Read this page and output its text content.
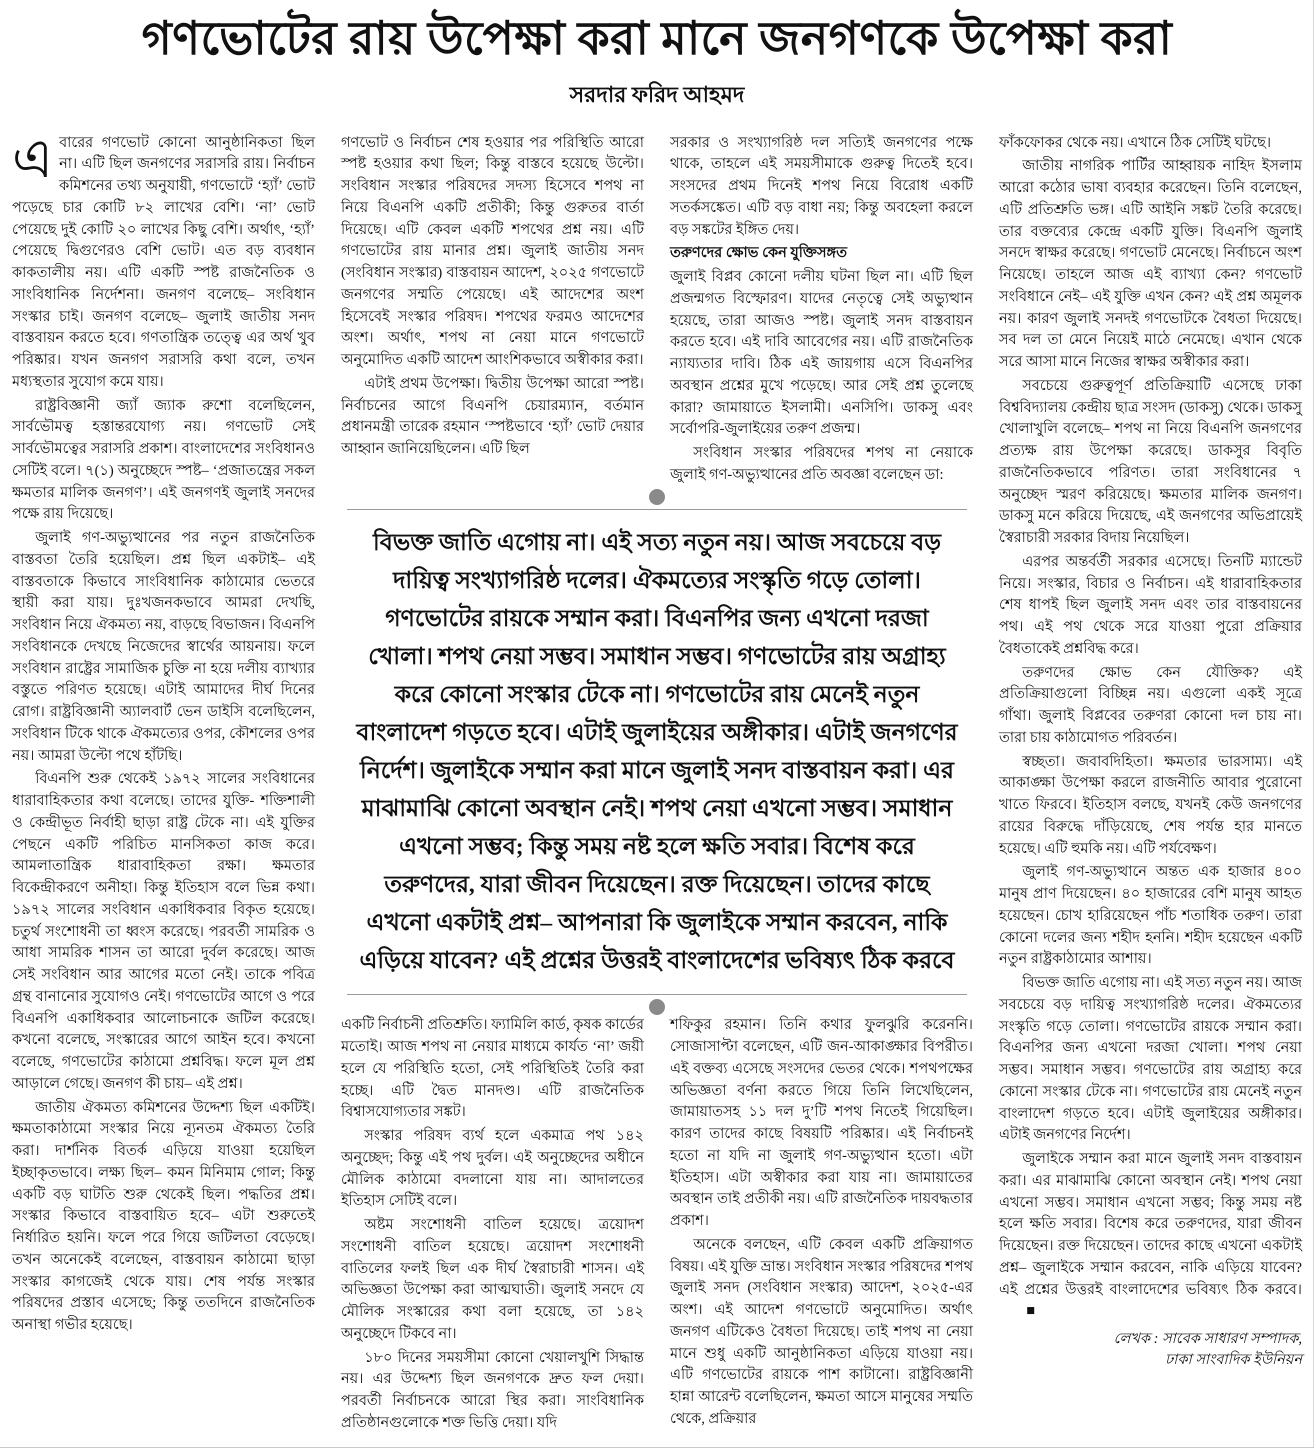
গণভোটের রায় উপেক্ষা করা মানে জনগণকে উপেক্ষা করা
সরদার ফরিদ আহমদ

এবারের গণভোট কোনো আনুষ্ঠানিকতা ছিল না। এটি ছিল জনগণের সরাসরি রায়। নির্বাচন কমিশনের তথ্য অনুযায়ী, গণভোটে ‘হ্যাঁ’ ভোট পড়েছে চার কোটি ৮২ লাখের বেশি। ‘না’ ভোট পেয়েছে দুই কোটি ২০ লাখের কিছু বেশি। অর্থাৎ, ‘হ্যাঁ’ পেয়েছে দ্বিগুণেরও বেশি ভোট। এত বড় ব্যবধান কাকতালীয় নয়। এটি একটি স্পষ্ট রাজনৈতিক ও সাংবিধানিক নির্দেশনা। জনগণ বলেছে– সংবিধান সংস্কার চাই। জনগণ বলেছে– জুলাই জাতীয় সনদ বাস্তবায়ন করতে হবে। গণতান্ত্রিক তত্ত্বে এর অর্থ খুব পরিষ্কার। যখন জনগণ সরাসরি কথা বলে, তখন মধ্যস্থতার সুযোগ কমে যায়।

রাষ্ট্রবিজ্ঞানী জ্যাঁ জ্যাক রুশো বলেছিলেন, সার্বভৌমত্ব হস্তান্তরযোগ্য নয়। গণভোট সেই সার্বভৌমত্বের সরাসরি প্রকাশ। বাংলাদেশের সংবিধানও সেটিই বলে। ৭(১) অনুচ্ছেদে স্পষ্ট– ‘প্রজাতন্ত্রের সকল ক্ষমতার মালিক জনগণ’। এই জনগণই জুলাই সনদের পক্ষে রায় দিয়েছে।

জুলাই গণ-অভ্যুত্থানের পর নতুন রাজনৈতিক বাস্তবতা তৈরি হয়েছিল। প্রশ্ন ছিল একটাই– এই বাস্তবতাকে কিভাবে সাংবিধানিক কাঠামোর ভেতরে স্থায়ী করা যায়। দুঃখজনকভাবে আমরা দেখছি, সংবিধান নিয়ে ঐকমত্য নয়, বাড়ছে বিভাজন। বিএনপি সংবিধানকে দেখছে নিজেদের স্বার্থের আয়নায়। ফলে সংবিধান রাষ্ট্রের সামাজিক চুক্তি না হয়ে দলীয় ব্যাখ্যার বস্তুতে পরিণত হয়েছে। এটাই আমাদের দীর্ঘ দিনের রোগ। রাষ্ট্রবিজ্ঞানী অ্যালবার্ট ভেন ডাইসি বলেছিলেন, সংবিধান টিকে থাকে ঐকমত্যের ওপর, কৌশলের ওপর নয়। আমরা উল্টো পথে হাঁটছি।

বিএনপি শুরু থেকেই ১৯৭২ সালের সংবিধানের ধারাবাহিকতার কথা বলেছে। তাদের যুক্তি- শক্তিশালী ও কেন্দ্রীভূত নির্বাহী ছাড়া রাষ্ট্র টেকে না। এই যুক্তির পেছনে একটি পরিচিত মানসিকতা কাজ করে। আমলাতান্ত্রিক ধারাবাহিকতা রক্ষা। ক্ষমতার বিকেন্দ্রীকরণে অনীহা। কিন্তু ইতিহাস বলে ভিন্ন কথা। ১৯৭২ সালের সংবিধান একাধিকবার বিকৃত হয়েছে। চতুর্থ সংশোধনী তা ধ্বংস করেছে। পরবর্তী সামরিক ও আধা সামরিক শাসন তা আরো দুর্বল করেছে। আজ সেই সংবিধান আর আগের মতো নেই। তাকে পবিত্র গ্রন্থ বানানোর সুযোগও নেই। গণভোটের আগে ও পরে বিএনপি একাধিকবার আলোচনাকে জটিল করেছে। কখনো বলেছে, সংস্কারের আগে আইন হবে। কখনো বলেছে, গণভোটের কাঠামো প্রশ্নবিদ্ধ। ফলে মূল প্রশ্ন আড়ালে গেছে। জনগণ কী চায়– এই প্রশ্ন।

জাতীয় ঐকমত্য কমিশনের উদ্দেশ্য ছিল একটিই। ক্ষমতাকাঠামো সংস্কার নিয়ে ন্যূনতম ঐকমত্য তৈরি করা। দার্শনিক বিতর্ক এড়িয়ে যাওয়া হয়েছিল ইচ্ছাকৃতভাবে। লক্ষ্য ছিল– কমন মিনিমাম গোল; কিন্তু একটি বড় ঘাটতি শুরু থেকেই ছিল। পদ্ধতির প্রশ্ন। সংস্কার কিভাবে বাস্তবায়িত হবে– এটা শুরুতেই নির্ধারিত হয়নি। ফলে পরে গিয়ে জটিলতা বেড়েছে। তখন অনেকেই বলেছেন, বাস্তবায়ন কাঠামো ছাড়া সংস্কার কাগজেই থেকে যায়। শেষ পর্যন্ত সংস্কার পরিষদের প্রস্তাব এসেছে; কিন্তু ততদিনে রাজনৈতিক অনাস্থা গভীর হয়েছে।

গণভোট ও নির্বাচন শেষ হওয়ার পর পরিস্থিতি আরো স্পষ্ট হওয়ার কথা ছিল; কিন্তু বাস্তবে হয়েছে উল্টো। সংবিধান সংস্কার পরিষদের সদস্য হিসেবে শপথ না নিয়ে বিএনপি একটি প্রতীকী; কিন্তু গুরুতর বার্তা দিয়েছে। এটি কেবল একটি শপথের প্রশ্ন নয়। এটি গণভোটের রায় মানার প্রশ্ন। জুলাই জাতীয় সনদ (সংবিধান সংস্কার) বাস্তবায়ন আদেশ, ২০২৫ গণভোটে জনগণের সম্মতি পেয়েছে। এই আদেশের অংশ হিসেবেই সংস্কার পরিষদ। শপথের ফরমও আদেশের অংশ। অর্থাৎ, শপথ না নেয়া মানে গণভোটে অনুমোদিত একটি আদেশ আংশিকভাবে অস্বীকার করা।

এটাই প্রথম উপেক্ষা। দ্বিতীয় উপেক্ষা আরো স্পষ্ট। নির্বাচনের আগে বিএনপি চেয়ারম্যান, বর্তমান প্রধানমন্ত্রী তারেক রহমান ‘স্পষ্টভাবে ‘হ্যাঁ’ ভোট দেয়ার আহ্বান জানিয়েছিলেন। এটি ছিল

সরকার ও সংখ্যাগরিষ্ঠ দল সত্যিই জনগণের পক্ষে থাকে, তাহলে এই সময়সীমাকে গুরুত্ব দিতেই হবে। সংসদের প্রথম দিনেই শপথ নিয়ে বিরোধ একটি সতর্কসঙ্কেত। এটি বড় বাধা নয়; কিন্তু অবহেলা করলে বড় সঙ্কটের ইঙ্গিত দেয়।

তরুণদের ক্ষোভ কেন যুক্তিসঙ্গত

জুলাই বিপ্লব কোনো দলীয় ঘটনা ছিল না। এটি ছিল প্রজন্মগত বিস্ফোরণ। যাদের নেতৃত্বে সেই অভ্যুত্থান হয়েছে, তারা আজও স্পষ্ট। জুলাই সনদ বাস্তবায়ন করতে হবে। এই দাবি আবেগের নয়। এটি রাজনৈতিক ন্যায্যতার দাবি। ঠিক এই জায়গায় এসে বিএনপির অবস্থান প্রশ্নের মুখে পড়েছে। আর সেই প্রশ্ন তুলেছে কারা? জামায়াতে ইসলামী। এনসিপি। ডাকসু এবং সর্বোপরি-জুলাইয়ের তরুণ প্রজন্ম।

সংবিধান সংস্কার পরিষদের শপথ না নেয়াকে জুলাই গণ-অভ্যুত্থানের প্রতি অবজ্ঞা বলেছেন ডা:

বিভক্ত জাতি এগোয় না। এই সত্য নতুন নয়। আজ সবচেয়ে বড় দায়িত্ব সংখ্যাগরিষ্ঠ দলের। ঐকমত্যের সংস্কৃতি গড়ে তোলা। গণভোটের রায়কে সম্মান করা। বিএনপির জন্য এখনো দরজা খোলা। শপথ নেয়া সম্ভব। সমাধান সম্ভব। গণভোটের রায় অগ্রাহ্য করে কোনো সংস্কার টেকে না। গণভোটের রায় মেনেই নতুন বাংলাদেশ গড়তে হবে। এটাই জুলাইয়ের অঙ্গীকার। এটাই জনগণের নির্দেশ। জুলাইকে সম্মান করা মানে জুলাই সনদ বাস্তবায়ন করা। এর মাঝামাঝি কোনো অবস্থান নেই। শপথ নেয়া এখনো সম্ভব। সমাধান এখনো সম্ভব; কিন্তু সময় নষ্ট হলে ক্ষতি সবার। বিশেষ করে তরুণদের, যারা জীবন দিয়েছেন। রক্ত দিয়েছেন। তাদের কাছে এখনো একটাই প্রশ্ন– আপনারা কি জুলাইকে সম্মান করবেন, নাকি এড়িয়ে যাবেন? এই প্রশ্নের উত্তরই বাংলাদেশের ভবিষ্যৎ ঠিক করবে

একটি নির্বাচনী প্রতিশ্রুতি। ফ্যামিলি কার্ড, কৃষক কার্ডের মতোই। আজ শপথ না নেয়ার মাধ্যমে কার্যত ‘না’ জয়ী হলে যে পরিস্থিতি হতো, সেই পরিস্থিতিই তৈরি করা হচ্ছে। এটি দ্বৈত মানদণ্ড। এটি রাজনৈতিক বিশ্বাসযোগ্যতার সঙ্কট।

সংস্কার পরিষদ ব্যর্থ হলে একমাত্র পথ ১৪২ অনুচ্ছেদ; কিন্তু এই পথ দুর্বল। এই অনুচ্ছেদের অধীনে মৌলিক কাঠামো বদলানো যায় না। আদালতের ইতিহাস সেটিই বলে।

অষ্টম সংশোধনী বাতিল হয়েছে। ত্রয়োদশ সংশোধনী বাতিল হয়েছে। ত্রয়োদশ সংশোধনী বাতিলের ফলই ছিল এক দীর্ঘ স্বৈরাচারী শাসন। এই অভিজ্ঞতা উপেক্ষা করা আত্মঘাতী। জুলাই সনদে যে মৌলিক সংস্কারের কথা বলা হয়েছে, তা ১৪২ অনুচ্ছেদে টিকবে না।

১৮০ দিনের সময়সীমা কোনো খেয়ালখুশি সিদ্ধান্ত নয়। এর উদ্দেশ্য ছিল জনগণকে দ্রুত ফল দেয়া। পরবর্তী নির্বাচনকে আরো স্থির করা। সাংবিধানিক প্রতিষ্ঠানগুলোকে শক্ত ভিত্তি দেয়া। যদি

শফিকুর রহমান। তিনি কথার ফুলঝুরি করেননি। সোজাসাপ্টা বলেছেন, এটি জন-আকাঙ্ক্ষার বিপরীত। এই বক্তব্য এসেছে সংসদের ভেতর থেকে। শপথপক্ষের অভিজ্ঞতা বর্ণনা করতে গিয়ে তিনি লিখেছিলেন, জামায়াতসহ ১১ দল দু’টি শপথ নিতেই গিয়েছিল। কারণ তাদের কাছে বিষয়টি পরিষ্কার। এই নির্বাচনই হতো না যদি না জুলাই গণ-অভ্যুত্থান হতো। এটা ইতিহাস। এটা অস্বীকার করা যায় না। জামায়াতের অবস্থান তাই প্রতীকী নয়। এটি রাজনৈতিক দায়বদ্ধতার প্রকাশ।

অনেকে বলছেন, এটি কেবল একটি প্রক্রিয়াগত বিষয়। এই যুক্তি ভ্রান্ত। সংবিধান সংস্কার পরিষদের শপথ জুলাই সনদ (সংবিধান সংস্কার) আদেশ, ২০২৫-এর অংশ। এই আদেশ গণভোটে অনুমোদিত। অর্থাৎ জনগণ এটিকেও বৈধতা দিয়েছে। তাই শপথ না নেয়া মানে শুধু একটি আনুষ্ঠানিকতা এড়িয়ে যাওয়া নয়। এটি গণভোটের রায়কে পাশ কাটানো। রাষ্ট্রবিজ্ঞানী হান্না আরেন্ট বলেছিলেন, ক্ষমতা আসে মানুষের সম্মতি থেকে, প্রক্রিয়ার

ফাঁকফোকর থেকে নয়। এখানে ঠিক সেটিই ঘটছে।

জাতীয় নাগরিক পার্টির আহ্বায়ক নাহিদ ইসলাম আরো কঠোর ভাষা ব্যবহার করেছেন। তিনি বলেছেন, এটি প্রতিশ্রুতি ভঙ্গ। এটি আইনি সঙ্কট তৈরি করেছে। তার বক্তব্যের কেন্দ্রে একটি যুক্তি। বিএনপি জুলাই সনদে স্বাক্ষর করেছে। গণভোট মেনেছে। নির্বাচনে অংশ নিয়েছে। তাহলে আজ এই ব্যাখ্যা কেন? গণভোট সংবিধানে নেই– এই যুক্তি এখন কেন? এই প্রশ্ন অমূলক নয়। কারণ জুলাই সনদই গণভোটকে বৈধতা দিয়েছে। সব দল তা মেনে নিয়েই মাঠে নেমেছে। এখান থেকে সরে আসা মানে নিজের স্বাক্ষর অস্বীকার করা।

সবচেয়ে গুরুত্বপূর্ণ প্রতিক্রিয়াটি এসেছে ঢাকা বিশ্ববিদ্যালয় কেন্দ্রীয় ছাত্র সংসদ (ডাকসু) থেকে। ডাকসু খোলাখুলি বলেছে– শপথ না নিয়ে বিএনপি জনগণের প্রত্যক্ষ রায় উপেক্ষা করেছে। ডাকসুর বিবৃতি রাজনৈতিকভাবে পরিণত। তারা সংবিধানের ৭ অনুচ্ছেদ স্মরণ করিয়েছে। ক্ষমতার মালিক জনগণ। ডাকসু মনে করিয়ে দিয়েছে, এই জনগণের অভিপ্রায়েই স্বৈরাচারী সরকার বিদায় নিয়েছিল।

এরপর অন্তর্বর্তী সরকার এসেছে। তিনটি ম্যান্ডেট নিয়ে। সংস্কার, বিচার ও নির্বাচন। এই ধারাবাহিকতার শেষ ধাপই ছিল জুলাই সনদ এবং তার বাস্তবায়নের পথ। এই পথ থেকে সরে যাওয়া পুরো প্রক্রিয়ার বৈধতাকেই প্রশ্নবিদ্ধ করে।

তরুণদের ক্ষোভ কেন যৌক্তিক? এই প্রতিক্রিয়াগুলো বিচ্ছিন্ন নয়। এগুলো একই সূত্রে গাঁথা। জুলাই বিপ্লবের তরুণরা কোনো দল চায় না। তারা চায় কাঠামোগত পরিবর্তন।

স্বচ্ছতা। জবাবদিহিতা। ক্ষমতার ভারসাম্য। এই আকাঙ্ক্ষা উপেক্ষা করলে রাজনীতি আবার পুরোনো খাতে ফিরবে। ইতিহাস বলছে, যখনই কেউ জনগণের রায়ের বিরুদ্ধে দাঁড়িয়েছে, শেষ পর্যন্ত হার মানতে হয়েছে। এটি হুমকি নয়। এটি পর্যবেক্ষণ।

জুলাই গণ-অভ্যুত্থানে অন্তত এক হাজার ৪০০ মানুষ প্রাণ দিয়েছেন। ৪০ হাজারের বেশি মানুষ আহত হয়েছেন। চোখ হারিয়েছেন পাঁচ শতাধিক তরুণ। তারা কোনো দলের জন্য শহীদ হননি। শহীদ হয়েছেন একটি নতুন রাষ্ট্রকাঠামোর আশায়।

বিভক্ত জাতি এগোয় না। এই সত্য নতুন নয়। আজ সবচেয়ে বড় দায়িত্ব সংখ্যাগরিষ্ঠ দলের। ঐকমত্যের সংস্কৃতি গড়ে তোলা। গণভোটের রায়কে সম্মান করা। বিএনপির জন্য এখনো দরজা খোলা। শপথ নেয়া সম্ভব। সমাধান সম্ভব। গণভোটের রায় অগ্রাহ্য করে কোনো সংস্কার টেকে না। গণভোটের রায় মেনেই নতুন বাংলাদেশ গড়তে হবে। এটাই জুলাইয়ের অঙ্গীকার। এটাই জনগণের নির্দেশ।

জুলাইকে সম্মান করা মানে জুলাই সনদ বাস্তবায়ন করা। এর মাঝামাঝি কোনো অবস্থান নেই। শপথ নেয়া এখনো সম্ভব। সমাধান এখনো সম্ভব; কিন্তু সময় নষ্ট হলে ক্ষতি সবার। বিশেষ করে তরুণদের, যারা জীবন দিয়েছেন। রক্ত দিয়েছেন। তাদের কাছে এখনো একটাই প্রশ্ন– জুলাইকে সম্মান করবেন, নাকি এড়িয়ে যাবেন? এই প্রশ্নের উত্তরই বাংলাদেশের ভবিষ্যৎ ঠিক করবে।■

লেখক : সাবেক সাধারণ সম্পাদক,
ঢাকা সাংবাদিক ইউনিয়ন
